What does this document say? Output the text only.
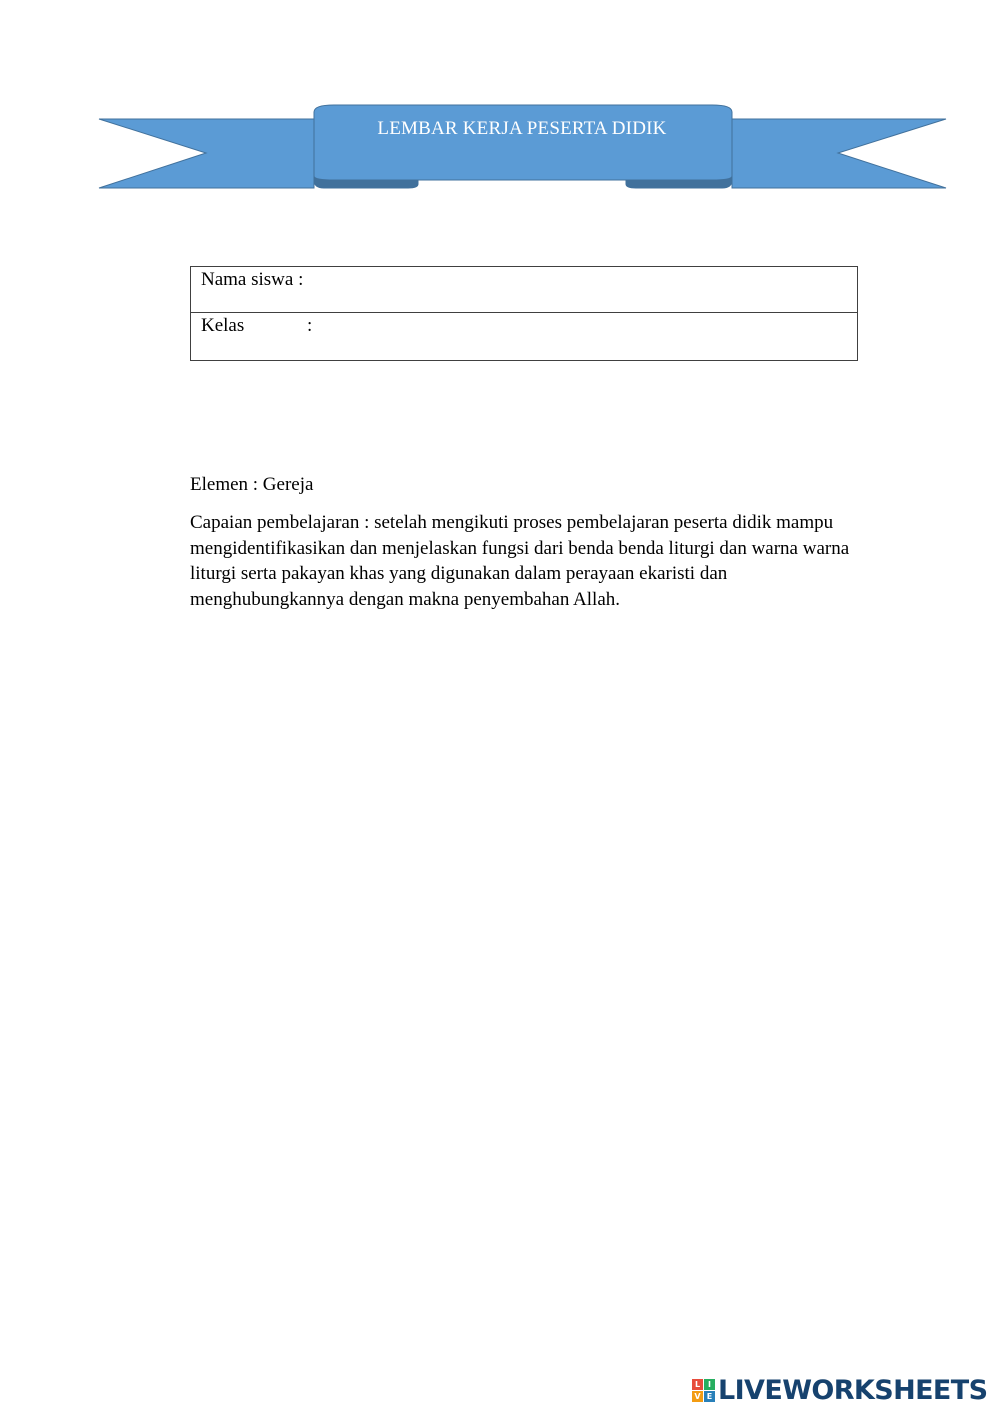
LEMBAR KERJA PESERTA DIDIK
Nama siswa :
Kelas	:

Elemen : Gereja

Capaian pembelajaran : setelah mengikuti proses pembelajaran peserta didik mampu mengidentifikasikan dan menjelaskan fungsi dari benda benda liturgi dan warna warna liturgi serta pakayan khas yang digunakan dalam perayaan ekaristi dan menghubungkannya dengan makna penyembahan Allah.

L I
V E LIVEWORKSHEETS
